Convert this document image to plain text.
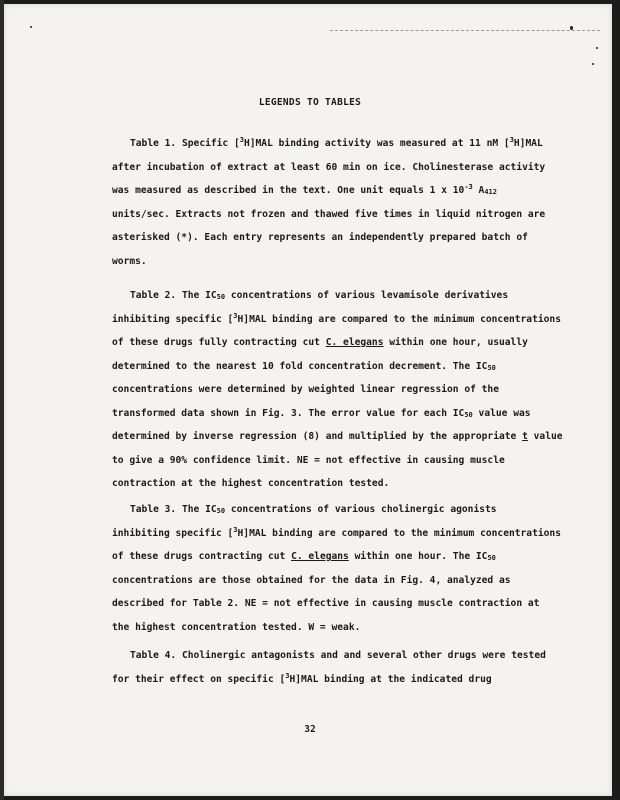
LEGENDS TO TABLES
Table 1. Specific [$^3$H]MAL binding activity was measured at 11 nM [$^3$H]MAL
after incubation of extract at least 60 min on ice. Cholinesterase activity
was measured as described in the text. One unit equals 1 x $10^{-3}$ $A_{412}$
units/sec. Extracts not frozen and thawed five times in liquid nitrogen are
asterisked (*). Each entry represents an independently prepared batch of
worms.
Table 2. The $IC_{50}$ concentrations of various levamisole derivatives
inhibiting specific [$^3$H]MAL binding are compared to the minimum concentrations
of these drugs fully contracting cut C. elegans within one hour, usually
determined to the nearest 10 fold concentration decrement. The $IC_{50}$
concentrations were determined by weighted linear regression of the
transformed data shown in Fig. 3. The error value for each $IC_{50}$ value was
determined by inverse regression (8) and multiplied by the appropriate t value
to give a 90% confidence limit. NE = not effective in causing muscle
contraction at the highest concentration tested.
Table 3. The $IC_{50}$ concentrations of various cholinergic agonists
inhibiting specific [$^3$H]MAL binding are compared to the minimum concentrations
of these drugs contracting cut C. elegans within one hour. The $IC_{50}$
concentrations are those obtained for the data in Fig. 4, analyzed as
described for Table 2. NE = not effective in causing muscle contraction at
the highest concentration tested. W = weak.
Table 4. Cholinergic antagonists and and several other drugs were tested
for their effect on specific [$^3$H]MAL binding at the indicated drug
32
